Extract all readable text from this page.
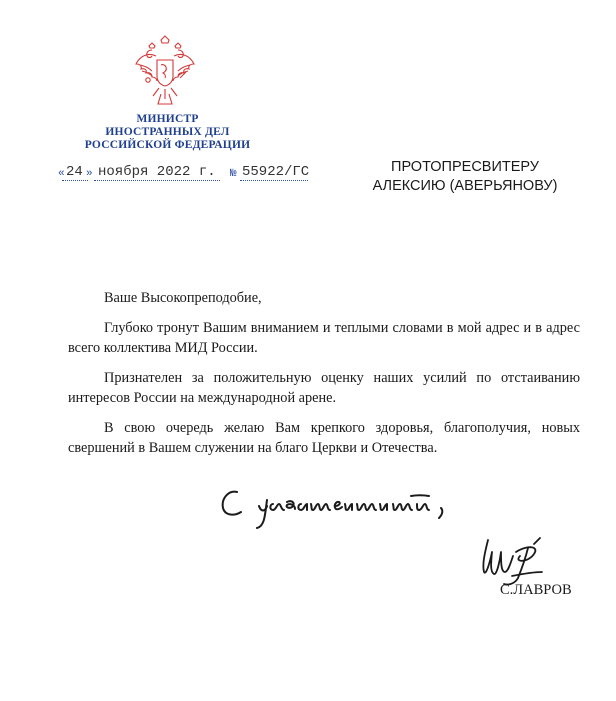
МИНИСТР
ИНОСТРАННЫХ ДЕЛ
РОССИЙСКОЙ ФЕДЕРАЦИИ
« 24 » ноября 2022 г. № 55922/ГС	ПРОТОПРЕСВИТЕРУ
АЛЕКСИЮ (АВЕРЬЯНОВУ)

Ваше Высокопреподобие,

Глубоко тронут Вашим вниманием и теплыми словами в мой адрес и в адрес всего коллектива МИД России.

Признателен за положительную оценку наших усилий по отстаиванию интересов России на международной арене.

В свою очередь желаю Вам крепкого здоровья, благополучия, новых свершений в Вашем служении на благо Церкви и Отечества.

С.ЛАВРОВ
